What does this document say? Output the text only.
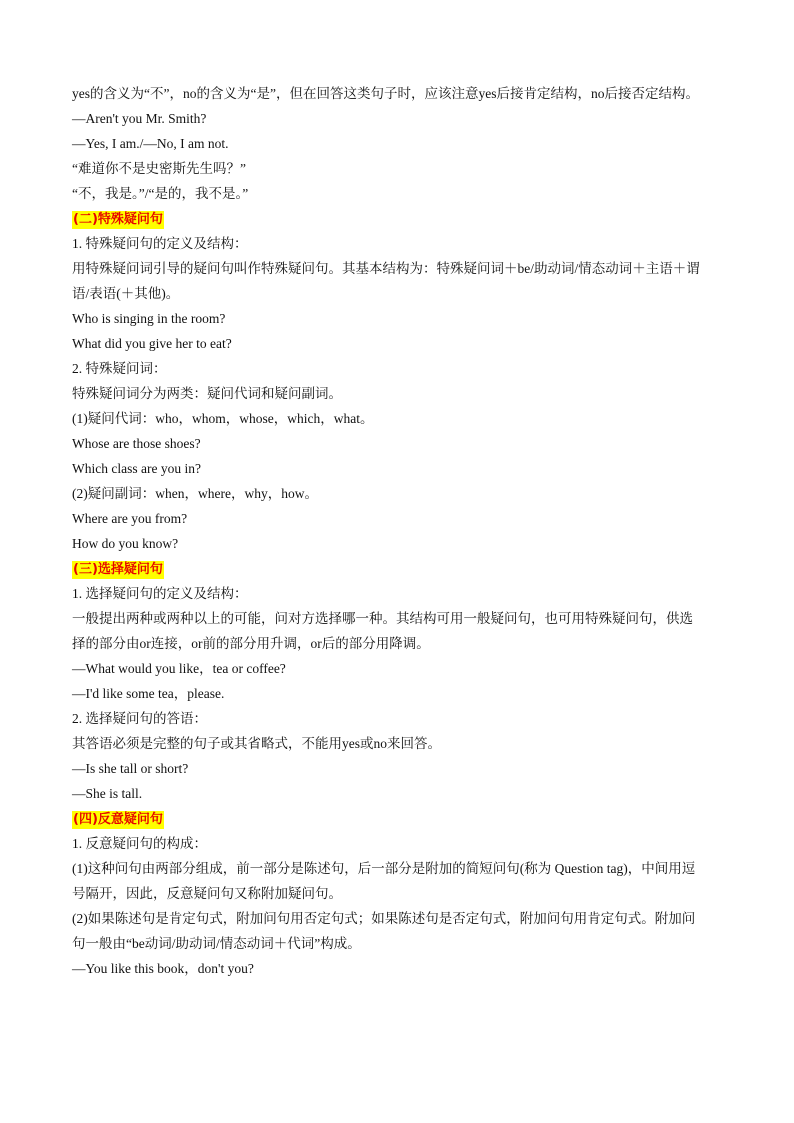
yes的含义为“不”，no的含义为“是”，但在回答这类句子时，应该注意yes后接肯定结构，no后接否定结构。

—Aren't you Mr. Smith?

—Yes, I am./—No, I am not.

“难道你不是史密斯先生吗？”

“不，我是。”/“是的，我不是。”

(二)特殊疑问句

1. 特殊疑问句的定义及结构：

用特殊疑问词引导的疑问句叫作特殊疑问句。其基本结构为：特殊疑问词＋be/助动词/情态动词＋主语＋谓

语/表语(＋其他)。

Who is singing in the room?

What did you give her to eat?

2. 特殊疑问词：

特殊疑问词分为两类：疑问代词和疑问副词。

(1)疑问代词：who，whom，whose，which，what。

Whose are those shoes?

Which class are you in?

(2)疑问副词：when，where，why，how。

Where are you from?

How do you know?

(三)选择疑问句

1. 选择疑问句的定义及结构：

一般提出两种或两种以上的可能，问对方选择哪一种。其结构可用一般疑问句，也可用特殊疑问句，供选

择的部分由or连接，or前的部分用升调，or后的部分用降调。

—What would you like，tea or coffee?

—I'd like some tea，please.

2. 选择疑问句的答语：

其答语必须是完整的句子或其省略式，不能用yes或no来回答。

—Is she tall or short?

—She is tall.

(四)反意疑问句

1. 反意疑问句的构成：

(1)这种问句由两部分组成，前一部分是陈述句，后一部分是附加的简短问句(称为 Question tag)，中间用逗

号隔开，因此，反意疑问句又称附加疑问句。

(2)如果陈述句是肯定句式，附加问句用否定句式；如果陈述句是否定句式，附加问句用肯定句式。附加问

句一般由“be动词/助动词/情态动词＋代词”构成。

—You like this book，don't you?
